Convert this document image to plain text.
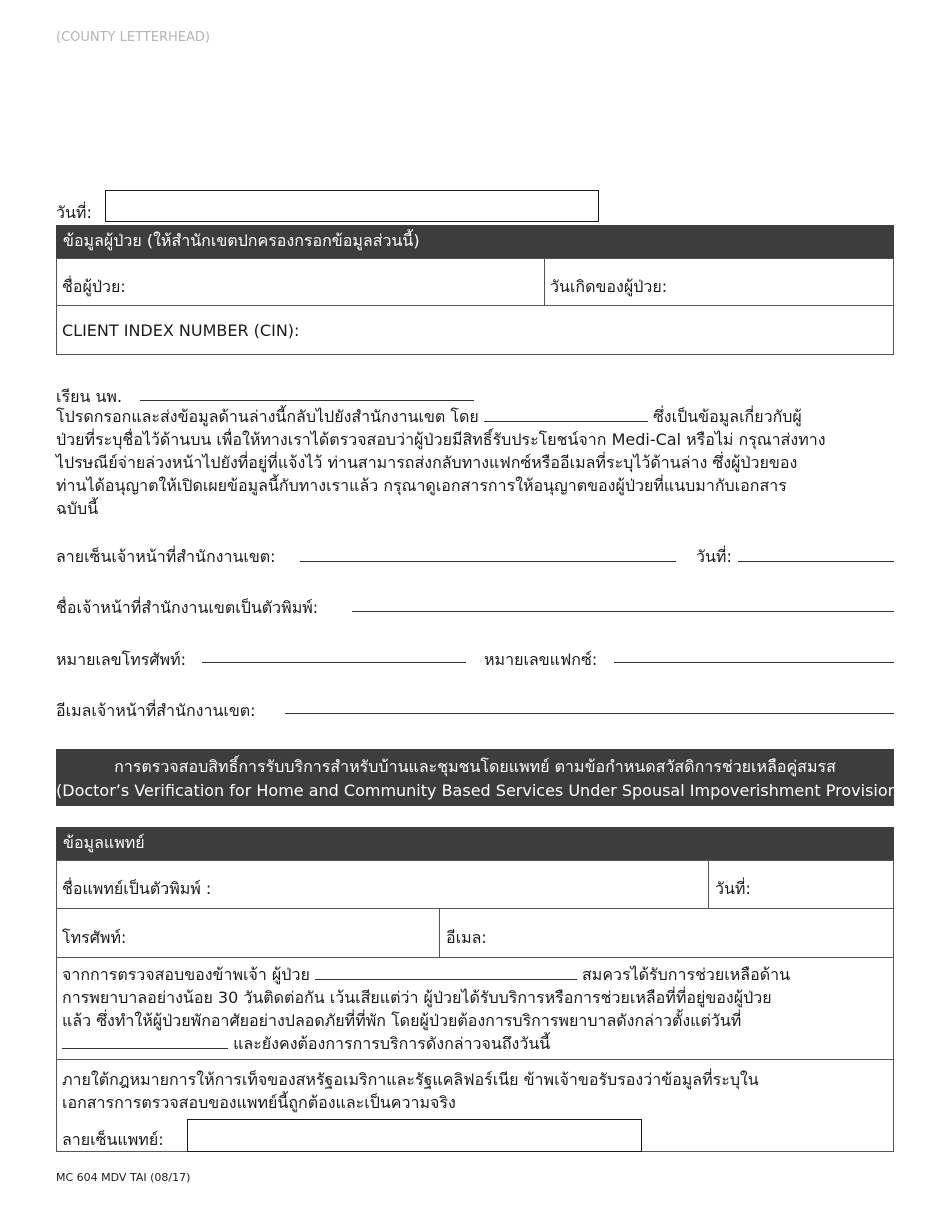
(COUNTY LETTERHEAD)
วันที่:
ข้อมูลผู้ป่วย (ให้สำนักเขตปกครองกรอกข้อมูลส่วนนี้)
ชื่อผู้ป่วย:	วันเกิดของผู้ป่วย:
CLIENT INDEX NUMBER (CIN):
เรียน นพ.
โปรดกรอกและส่งข้อมูลด้านล่างนี้กลับไปยังสำนักงานเขต โดย	ซึ่งเป็นข้อมูลเกี่ยวกับผู้
ป่วยที่ระบุชื่อไว้ด้านบน เพื่อให้ทางเราได้ตรวจสอบว่าผู้ป่วยมีสิทธิ์รับประโยชน์จาก Medi-Cal หรือไม่ กรุณาส่งทาง
ไปรษณีย์จ่ายล่วงหน้าไปยังที่อยู่ที่แจ้งไว้ ท่านสามารถส่งกลับทางแฟกซ์หรืออีเมลที่ระบุไว้ด้านล่าง ซึ่งผู้ป่วยของ
ท่านได้อนุญาตให้เปิดเผยข้อมูลนี้กับทางเราแล้ว กรุณาดูเอกสารการให้อนุญาตของผู้ป่วยที่แนบมากับเอกสาร
ฉบับนี้
ลายเซ็นเจ้าหน้าที่สำนักงานเขต:	วันที่:
ชื่อเจ้าหน้าที่สำนักงานเขตเป็นตัวพิมพ์:
หมายเลขโทรศัพท์:	หมายเลขแฟกซ์:
อีเมลเจ้าหน้าที่สำนักงานเขต:
การตรวจสอบสิทธิ์การรับบริการสำหรับบ้านและชุมชนโดยแพทย์ ตามข้อกำหนดสวัสดิการช่วยเหลือคู่สมรส
(Doctor’s Verification for Home and Community Based Services Under Spousal Impoverishment Provisions)
ข้อมูลแพทย์
ชื่อแพทย์เป็นตัวพิมพ์ :	วันที่:
โทรศัพท์:	อีเมล:
จากการตรวจสอบของข้าพเจ้า ผู้ป่วย	สมควรได้รับการช่วยเหลือด้าน
การพยาบาลอย่างน้อย 30 วันติดต่อกัน เว้นเสียแต่ว่า ผู้ป่วยได้รับบริการหรือการช่วยเหลือที่ที่อยู่ของผู้ป่วย
แล้ว ซึ่งทำให้ผู้ป่วยพักอาศัยอย่างปลอดภัยที่ที่พัก โดยผู้ป่วยต้องการบริการพยาบาลดังกล่าวตั้งแต่วันที่
และยังคงต้องการการบริการดังกล่าวจนถึงวันนี้
ภายใต้กฎหมายการให้การเท็จของสหรัฐอเมริกาและรัฐแคลิฟอร์เนีย ข้าพเจ้าขอรับรองว่าข้อมูลที่ระบุใน
เอกสารการตรวจสอบของแพทย์นี้ถูกต้องและเป็นความจริง
ลายเซ็นแพทย์:
MC 604 MDV TAI (08/17)
